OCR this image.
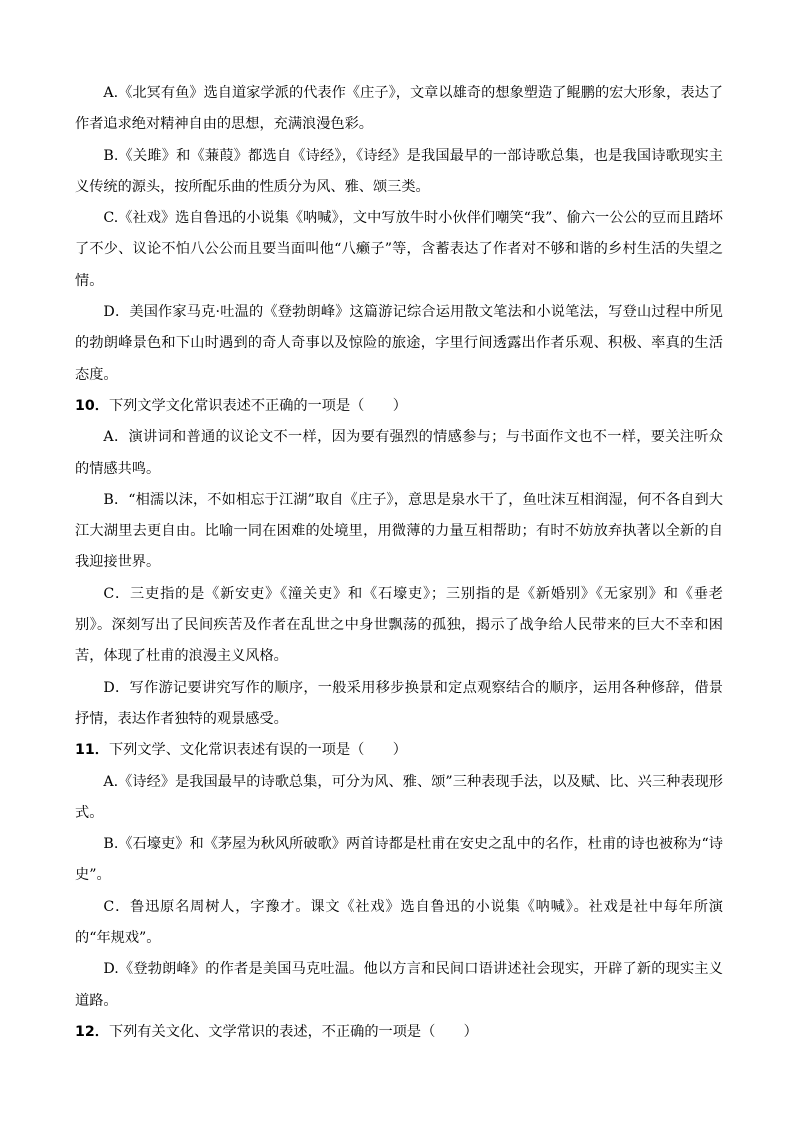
A.《北冥有鱼》选自道家学派的代表作《庄子》，文章以雄奇的想象塑造了鲲鹏的宏大形象，表达了作者追求绝对精神自由的思想，充满浪漫色彩。

B.《关雎》和《蒹葭》都选自《诗经》，《诗经》是我国最早的一部诗歌总集，也是我国诗歌现实主义传统的源头，按所配乐曲的性质分为风、雅、颂三类。

C.《社戏》选自鲁迅的小说集《呐喊》，文中写放牛时小伙伴们嘲笑“我”、偷六一公公的豆而且踏坏了不少、议论不怕八公公而且要当面叫他“八癞子”等，含蓄表达了作者对不够和谐的乡村生活的失望之情。

D．美国作家马克·吐温的《登勃朗峰》这篇游记综合运用散文笔法和小说笔法，写登山过程中所见的勃朗峰景色和下山时遇到的奇人奇事以及惊险的旅途，字里行间透露出作者乐观、积极、率真的生活态度。

10．下列文学文化常识表述不正确的一项是（　　）

A．演讲词和普通的议论文不一样，因为要有强烈的情感参与；与书面作文也不一样，要关注听众的情感共鸣。

B．“相濡以沫，不如相忘于江湖”取自《庄子》，意思是泉水干了，鱼吐沫互相润湿，何不各自到大江大湖里去更自由。比喻一同在困难的处境里，用微薄的力量互相帮助；有时不妨放弃执著以全新的自我迎接世界。

C．三吏指的是《新安吏》《潼关吏》和《石壕吏》；三别指的是《新婚别》《无家别》和《垂老别》。深刻写出了民间疾苦及作者在乱世之中身世飘荡的孤独，揭示了战争给人民带来的巨大不幸和困苦，体现了杜甫的浪漫主义风格。

D．写作游记要讲究写作的顺序，一般采用移步换景和定点观察结合的顺序，运用各种修辞，借景抒情，表达作者独特的观景感受。

11．下列文学、文化常识表述有误的一项是（　　）

A.《诗经》是我国最早的诗歌总集，可分为风、雅、颂”三种表现手法，以及赋、比、兴三种表现形式。

B.《石壕吏》和《茅屋为秋风所破歌》两首诗都是杜甫在安史之乱中的名作，杜甫的诗也被称为“诗史”。

C．鲁迅原名周树人，字豫才。课文《社戏》选自鲁迅的小说集《呐喊》。社戏是社中每年所演的“年规戏”。

D.《登勃朗峰》的作者是美国马克吐温。他以方言和民间口语讲述社会现实，开辟了新的现实主义道路。

12．下列有关文化、文学常识的表述，不正确的一项是（　　）
